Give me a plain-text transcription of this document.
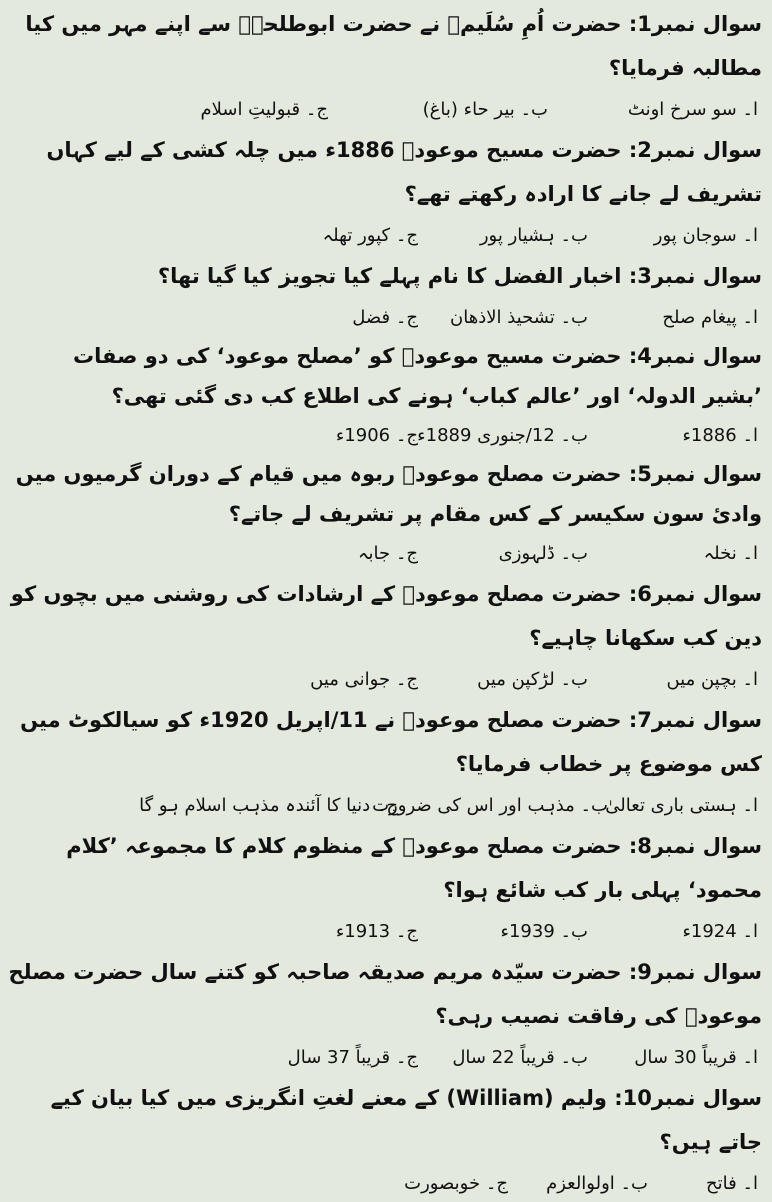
سوال نمبر1: حضرت اُمِ سُلَیمؓ نے حضرت ابوطلحہؓ سے اپنے مہر میں کیا مطالبہ فرمایا؟

ا۔ سو سرخ اونٹ
ب۔ بیر حاء (باغ)
ج۔ قبولیتِ اسلام

سوال نمبر2: حضرت مسیح موعودؑ 1886ء میں چلہ کشی کے لیے کہاں تشریف لے جانے کا ارادہ رکھتے تھے؟

ا۔ سوجان پور
ب۔ ہشیار پور
ج۔ کپور تھلہ

سوال نمبر3: اخبار الفضل کا نام پہلے کیا تجویز کیا گیا تھا؟

ا۔ پیغام صلح
ب۔ تشحیذ الاذھان
ج۔ فضل

سوال نمبر4: حضرت مسیح موعودؑ کو ’مصلح موعود‘ کی دو صفات ’بشیر الدولہ‘ اور ’عالم کباب‘ ہونے کی اطلاع کب دی گئی تھی؟

ا۔ 1886ء
ب۔ 12/جنوری 1889ء
ج۔ 1906ء

سوال نمبر5: حضرت مصلح موعودؓ ربوہ میں قیام کے دوران گرمیوں میں وادیٔ سون سکیسر کے کس مقام پر تشریف لے جاتے؟

ا۔ نخلہ
ب۔ ڈلہوزی
ج۔ جابہ

سوال نمبر6: حضرت مصلح موعودؓ کے ارشادات کی روشنی میں بچوں کو دین کب سکھانا چاہیے؟

ا۔ بچپن میں
ب۔ لڑکپن میں
ج۔ جوانی میں

سوال نمبر7: حضرت مصلح موعودؓ نے 11/اپریل 1920ء کو سیالکوٹ میں کس موضوع پر خطاب فرمایا؟

ا۔ ہستی باری تعالیٰ
ب۔ مذہب اور اس کی ضرورت
ج۔ دنیا کا آئندہ مذہب اسلام ہو گا

سوال نمبر8: حضرت مصلح موعودؓ کے منظوم کلام کا مجموعہ ’کلام محمود‘ پہلی بار کب شائع ہوا؟

ا۔ 1924ء
ب۔ 1939ء
ج۔ 1913ء

سوال نمبر9: حضرت سیّدہ مریم صدیقہ صاحبہ کو کتنے سال حضرت مصلح موعودؓ کی رفاقت نصیب رہی؟

ا۔ قریباً 30 سال
ب۔ قریباً 22 سال
ج۔ قریباً 37 سال

سوال نمبر10: ولیم (William) کے معنے لغتِ انگریزی میں کیا بیان کیے جاتے ہیں؟

ا۔ فاتح
ب۔ اولوالعزم
ج۔ خوبصورت
